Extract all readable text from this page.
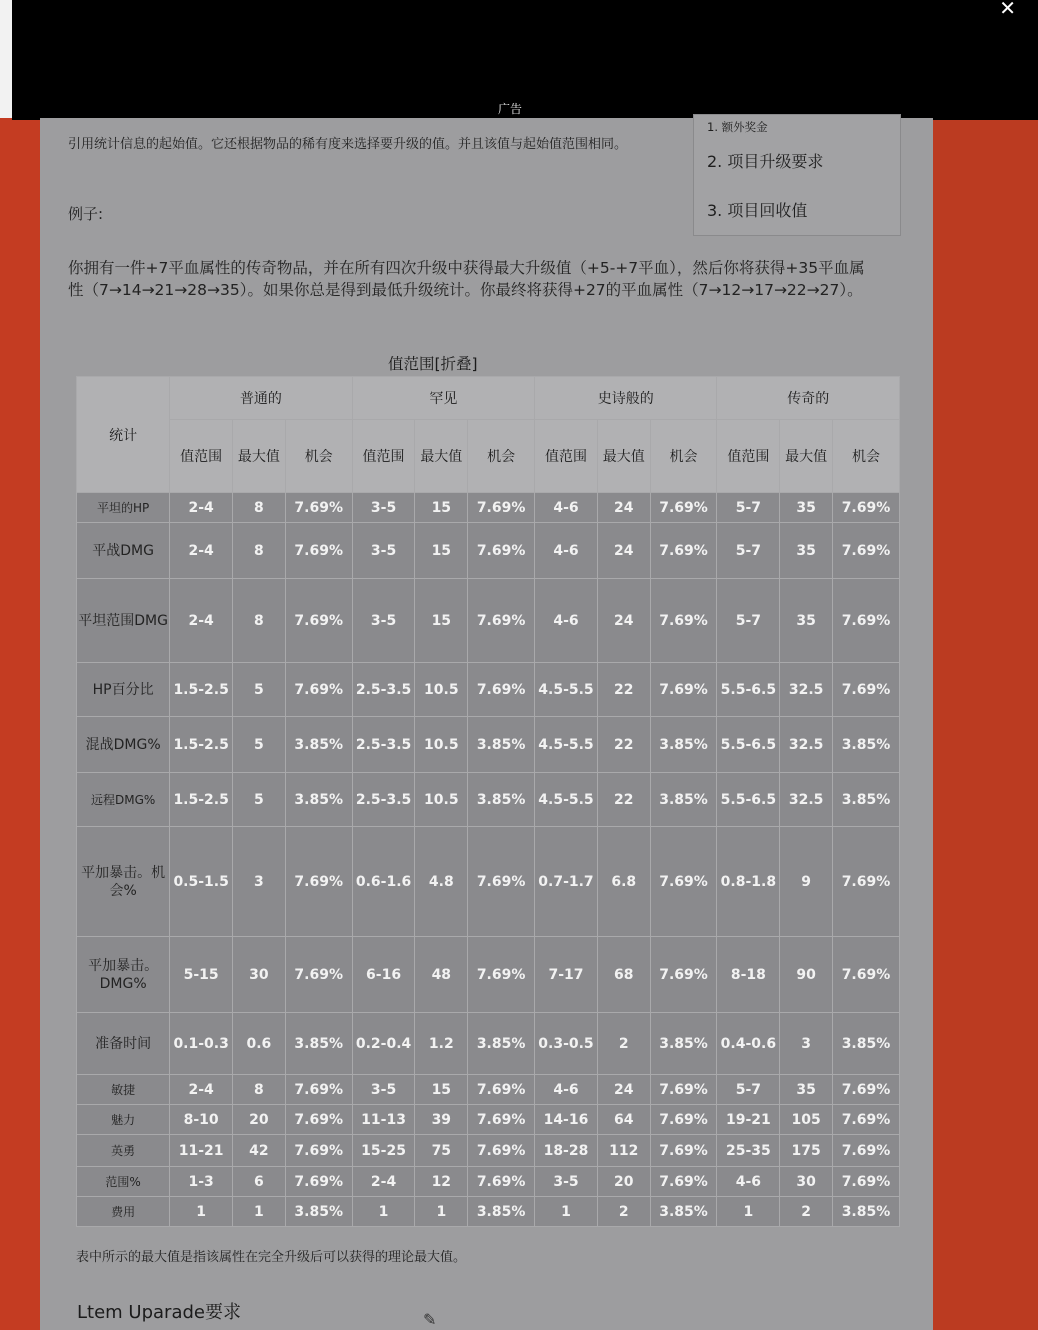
广告
✕
引用统计信息的起始值。它还根据物品的稀有度来选择要升级的值。并且该值与起始值范围相同。
1. 额外奖金
2. 项目升级要求
3. 项目回收值
例子:
你拥有一件+7平血属性的传奇物品，并在所有四次升级中获得最大升级值（+5-+7平血），然后你将获得+35平血属性（7→14→21→28→35）。如果你总是得到最低升级统计。你最终将获得+27的平血属性（7→12→17→22→27）。
值范围[折叠]
统计	普通的			罕见			史诗般的			传奇的		
	值范围	最大值	机会	值范围	最大值	机会	值范围	最大值	机会	值范围	最大值	机会
平坦的HP	2-4	8	7.69%	3-5	15	7.69%	4-6	24	7.69%	5-7	35	7.69%
平战DMG	2-4	8	7.69%	3-5	15	7.69%	4-6	24	7.69%	5-7	35	7.69%
平坦范围DMG	2-4	8	7.69%	3-5	15	7.69%	4-6	24	7.69%	5-7	35	7.69%
HP百分比	1.5-2.5	5	7.69%	2.5-3.5	10.5	7.69%	4.5-5.5	22	7.69%	5.5-6.5	32.5	7.69%
混战DMG%	1.5-2.5	5	3.85%	2.5-3.5	10.5	3.85%	4.5-5.5	22	3.85%	5.5-6.5	32.5	3.85%
远程DMG%	1.5-2.5	5	3.85%	2.5-3.5	10.5	3.85%	4.5-5.5	22	3.85%	5.5-6.5	32.5	3.85%
平加暴击。机会%	0.5-1.5	3	7.69%	0.6-1.6	4.8	7.69%	0.7-1.7	6.8	7.69%	0.8-1.8	9	7.69%
平加暴击。DMG%	5-15	30	7.69%	6-16	48	7.69%	7-17	68	7.69%	8-18	90	7.69%
准备时间	0.1-0.3	0.6	3.85%	0.2-0.4	1.2	3.85%	0.3-0.5	2	3.85%	0.4-0.6	3	3.85%
敏捷	2-4	8	7.69%	3-5	15	7.69%	4-6	24	7.69%	5-7	35	7.69%
魅力	8-10	20	7.69%	11-13	39	7.69%	14-16	64	7.69%	19-21	105	7.69%
英勇	11-21	42	7.69%	15-25	75	7.69%	18-28	112	7.69%	25-35	175	7.69%
范围%	1-3	6	7.69%	2-4	12	7.69%	3-5	20	7.69%	4-6	30	7.69%
费用	1	1	3.85%	1	1	3.85%	1	2	3.85%	1	2	3.85%
表中所示的最大值是指该属性在完全升级后可以获得的理论最大值。
Ltem Uparade要求	✎
